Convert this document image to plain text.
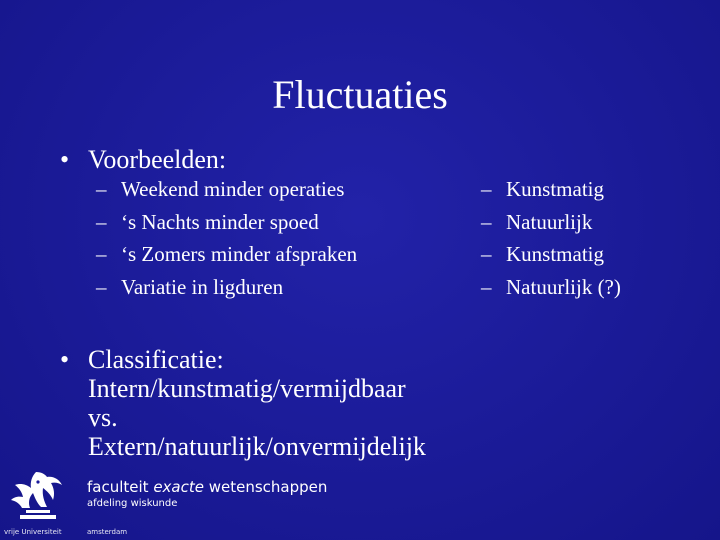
Fluctuaties
• Voorbeelden:
– Weekend minder operaties
– ‘s Nachts minder spoed
– ‘s Zomers minder afspraken
– Variatie in ligduren
– Kunstmatig
– Natuurlijk
– Kunstmatig
– Natuurlijk (?)
• Classificatie:
Intern/kunstmatig/vermijdbaar
vs.
Extern/natuurlijk/onvermijdelijk
faculteit exacte wetenschappen
afdeling wiskunde
vrije Universiteit	amsterdam
